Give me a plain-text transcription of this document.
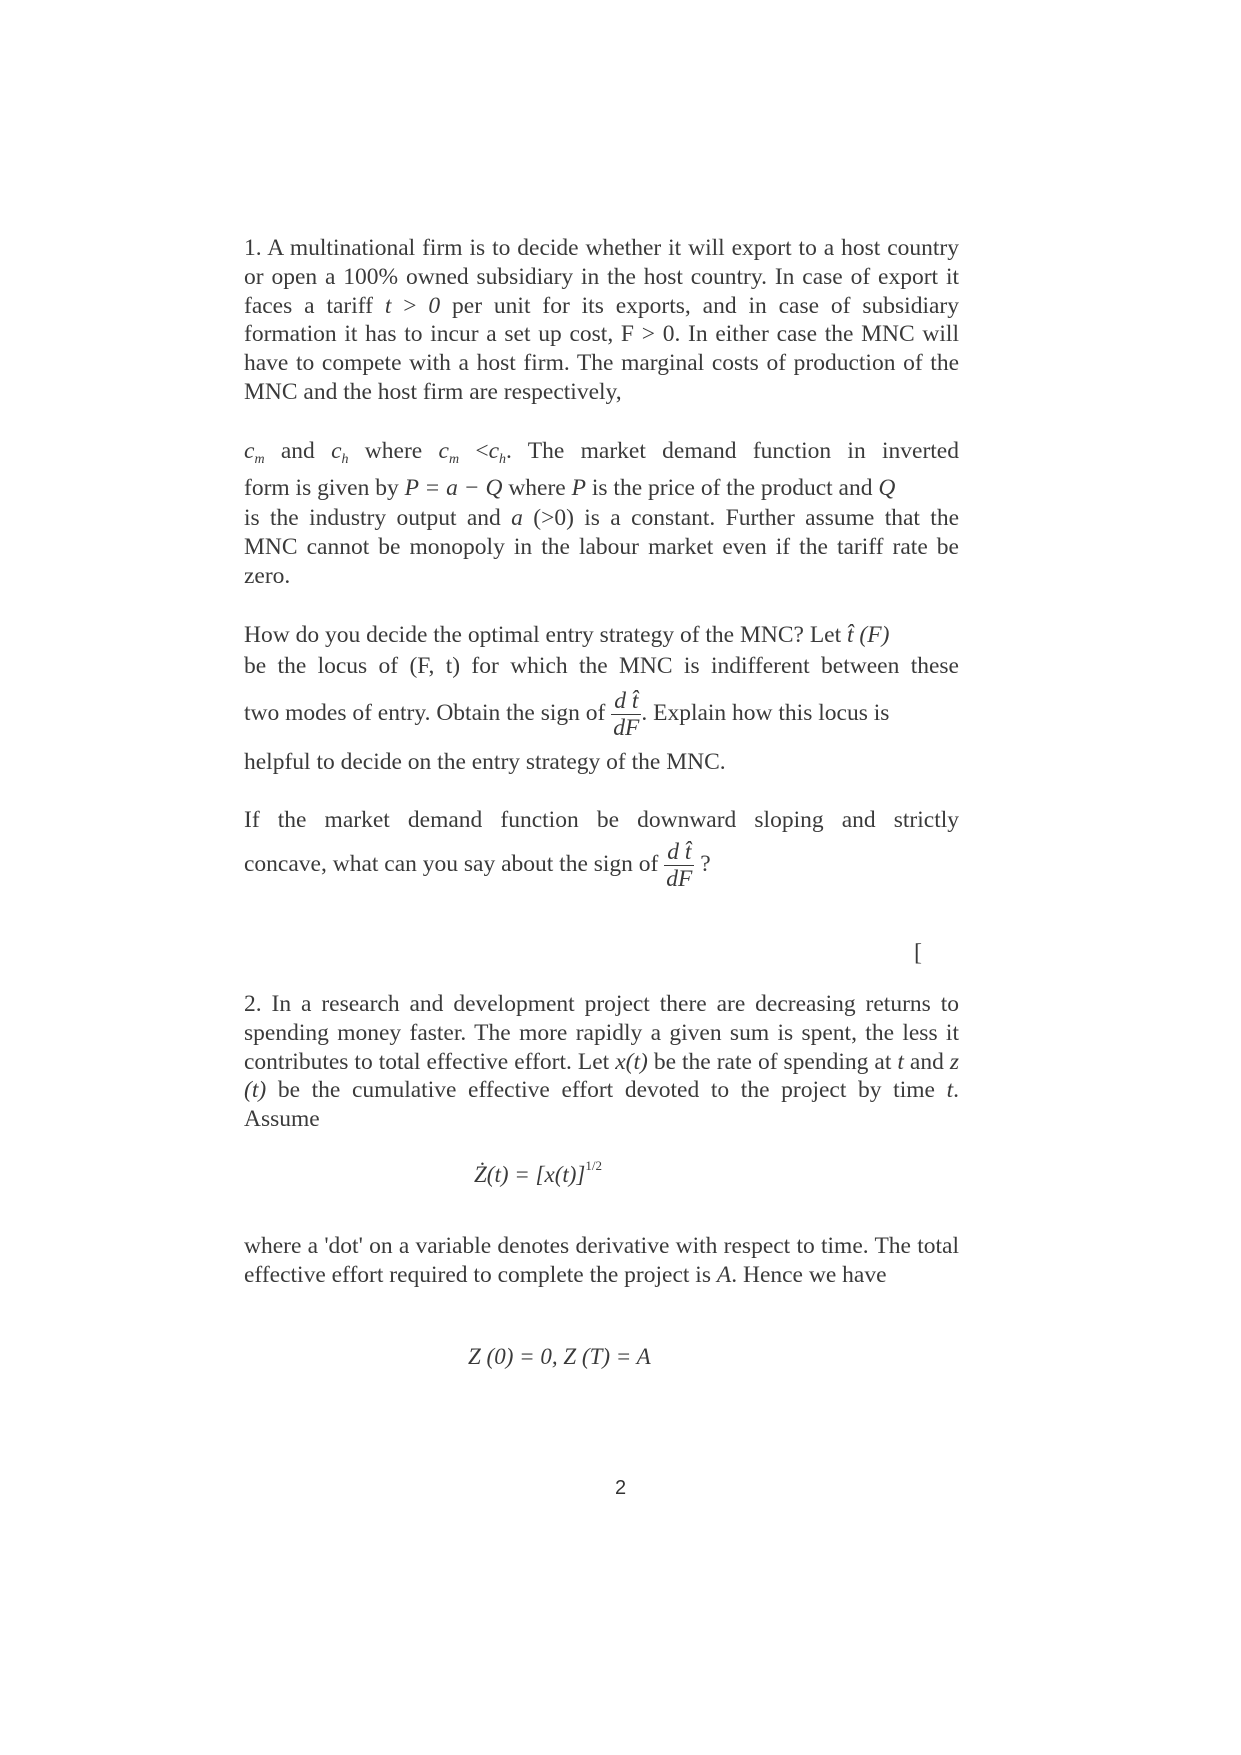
1. A multinational firm is to decide whether it will export to a host country or open a 100% owned subsidiary in the host country. In case of export it faces a tariff t > 0 per unit for its exports, and in case of subsidiary formation it has to incur a set up cost, F > 0. In either case the MNC will have to compete with a host firm. The marginal costs of production of the MNC and the host firm are respectively,
$c_m$ and $c_h$ where $c_m <c_h$. The market demand function in inverted
form is given by P = a − Q where P is the price of the product and Q
is the industry output and a (>0) is a constant. Further assume that the MNC cannot be monopoly in the labour market even if the tariff rate be zero.
How do you decide the optimal entry strategy of the MNC? Let t̂ (F)
be the locus of (F, t) for which the MNC is indifferent between these
two modes of entry. Obtain the sign of $\frac{\text{d t̂}}{dF}$ . Explain how this locus is
helpful to decide on the entry strategy of the MNC.
If the market demand function be downward sloping and strictly
concave, what can you say about the sign of $\frac{\text{d t̂}}{dF}$ ?
[
2. In a research and development project there are decreasing returns to spending money faster. The more rapidly a given sum is spent, the less it contributes to total effective effort. Let x(t) be the rate of spending at t and z (t) be the cumulative effective effort devoted to the project by time t. Assume
Ż(t) = $[x(t)]^{1/2}$
where a 'dot' on a variable denotes derivative with respect to time. The total effective effort required to complete the project is A. Hence we have
Z (0) = 0, Z (T) = A
2
